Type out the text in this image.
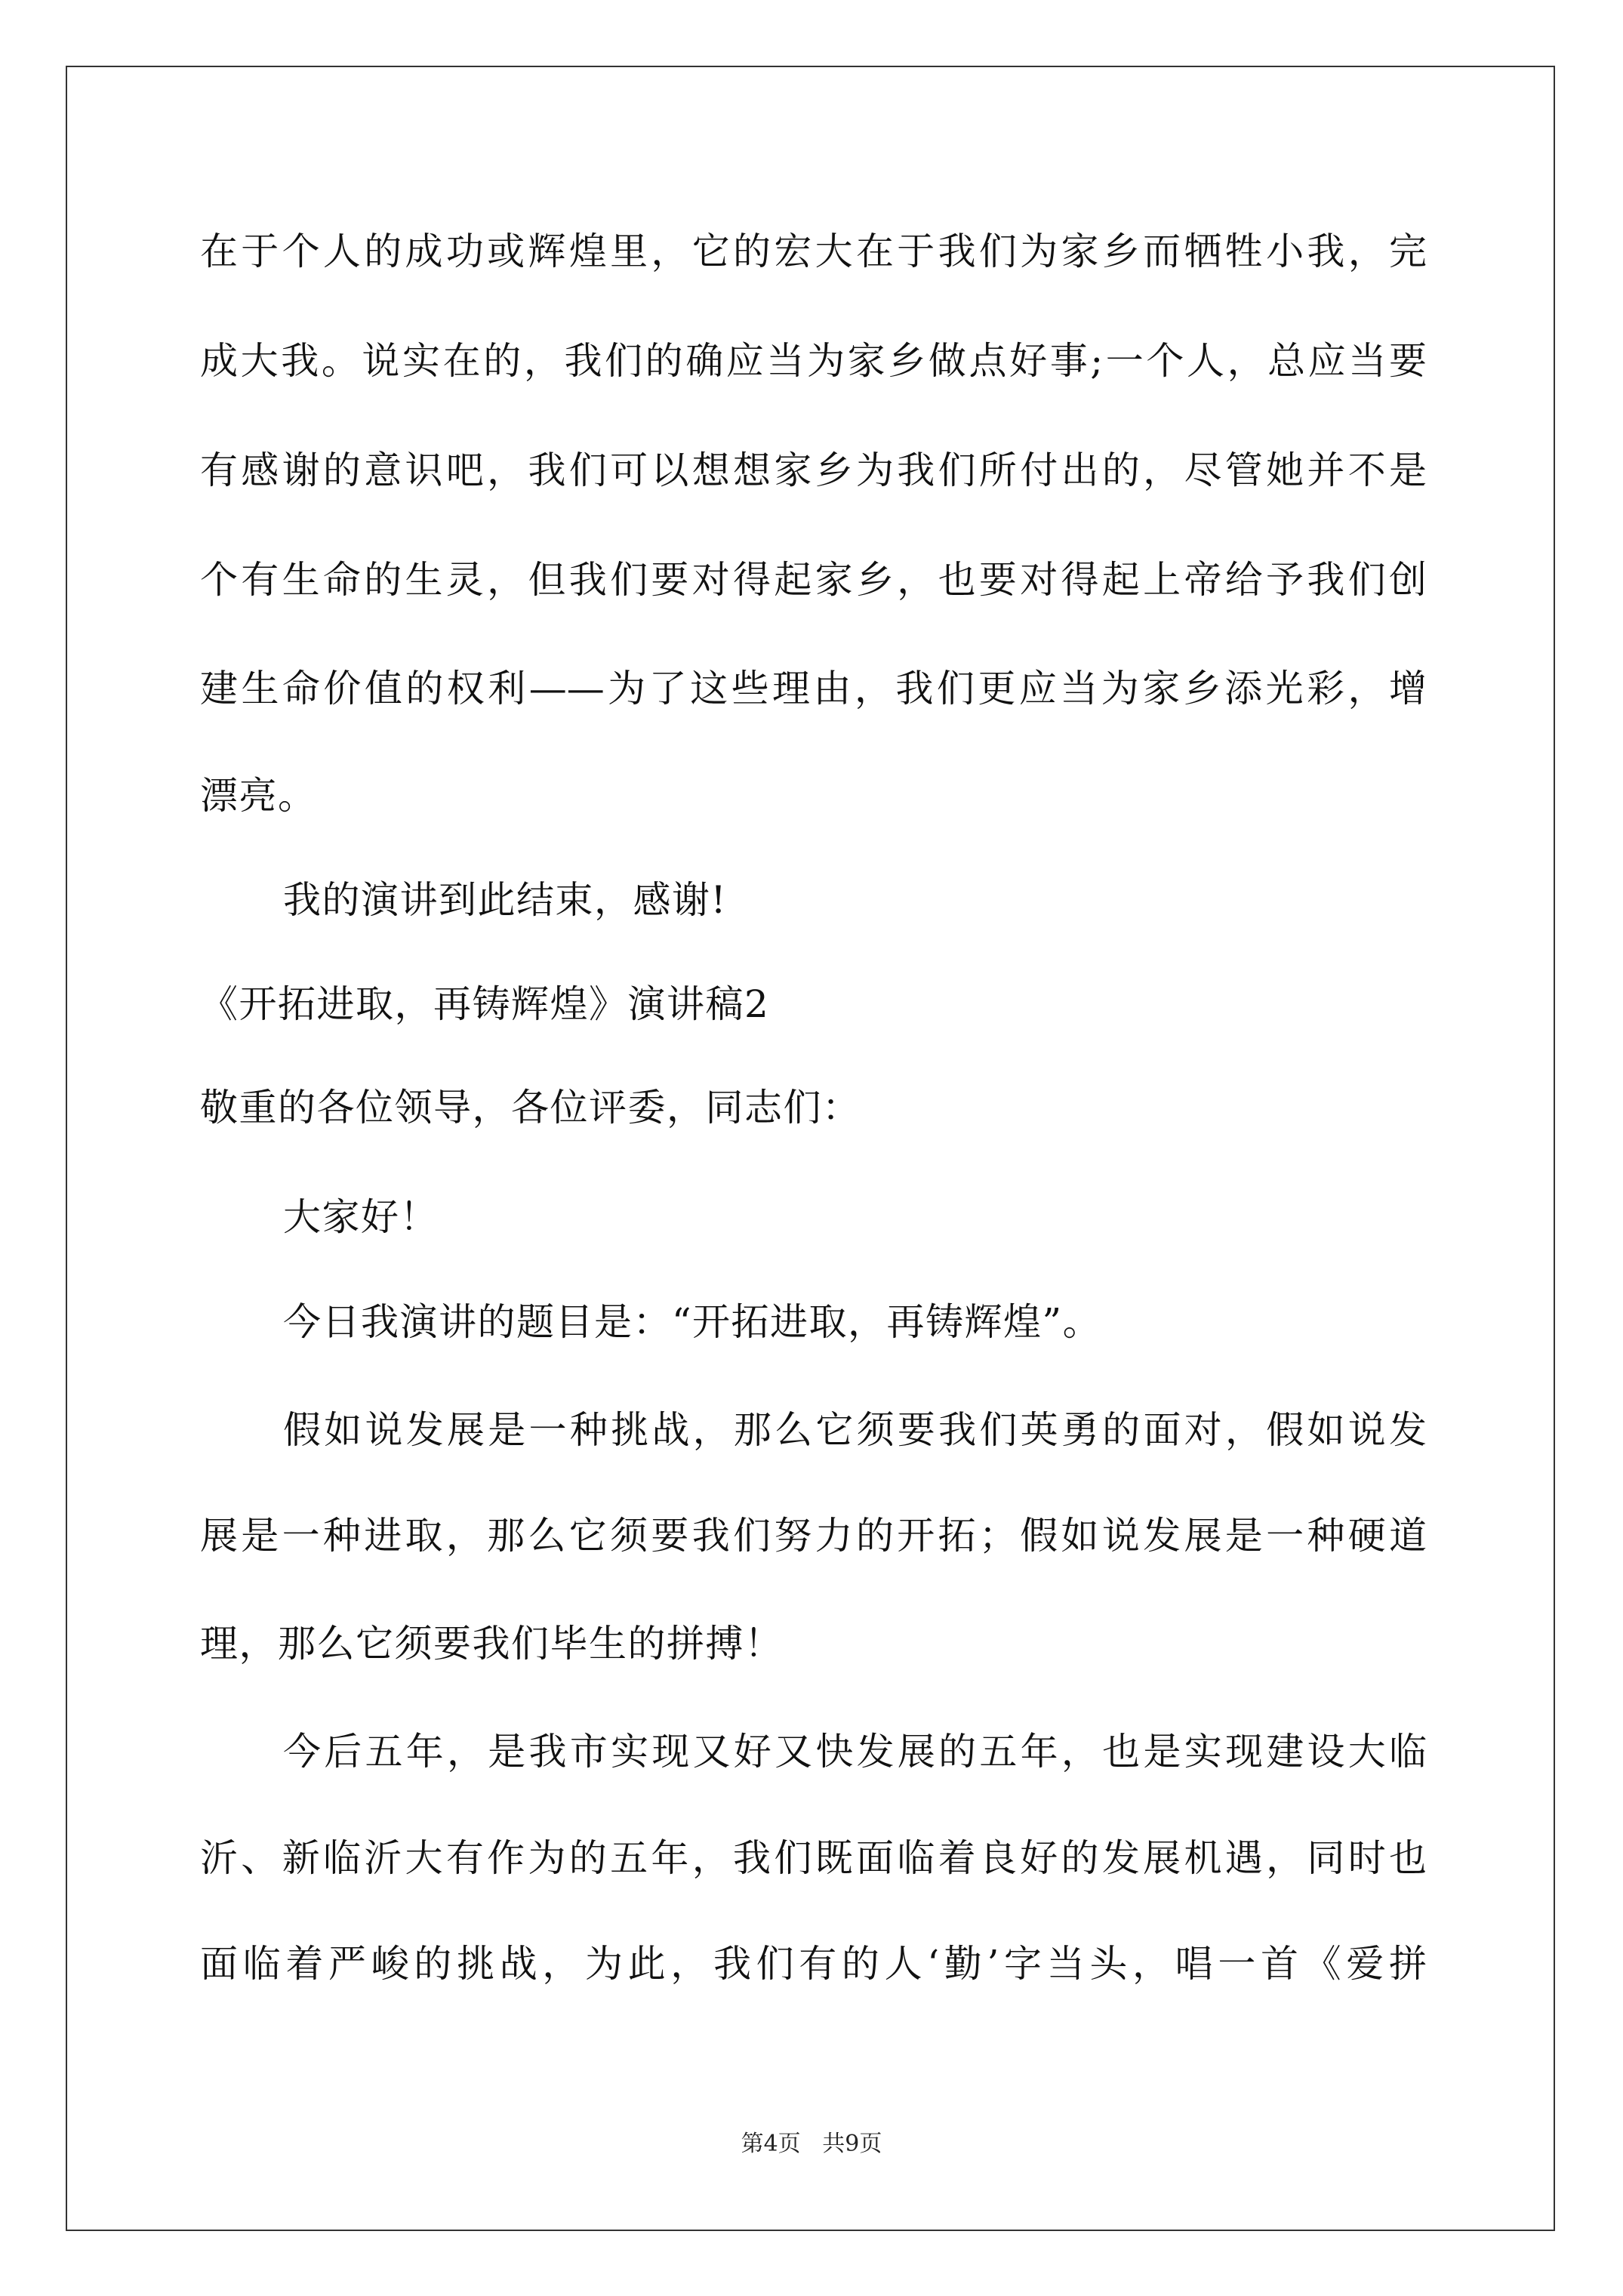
在于个人的成功或辉煌里，它的宏大在于我们为家乡而牺牲小我，完
成大我。说实在的，我们的确应当为家乡做点好事;一个人，总应当要
有感谢的意识吧，我们可以想想家乡为我们所付出的，尽管她并不是
个有生命的生灵，但我们要对得起家乡，也要对得起上帝给予我们创
建生命价值的权利——为了这些理由，我们更应当为家乡添光彩，增
漂亮。
我的演讲到此结束，感谢!
《开拓进取，再铸辉煌》演讲稿2
敬重的各位领导，各位评委，同志们：
大家好！
今日我演讲的题目是：“开拓进取，再铸辉煌”。
假如说发展是一种挑战，那么它须要我们英勇的面对，假如说发
展是一种进取，那么它须要我们努力的开拓；假如说发展是一种硬道
理，那么它须要我们毕生的拼搏！
今后五年，是我市实现又好又快发展的五年，也是实现建设大临
沂、新临沂大有作为的五年，我们既面临着良好的发展机遇，同时也
面临着严峻的挑战，为此，我们有的人‘勤’字当头，唱一首《爱拼
第4页 共9页
